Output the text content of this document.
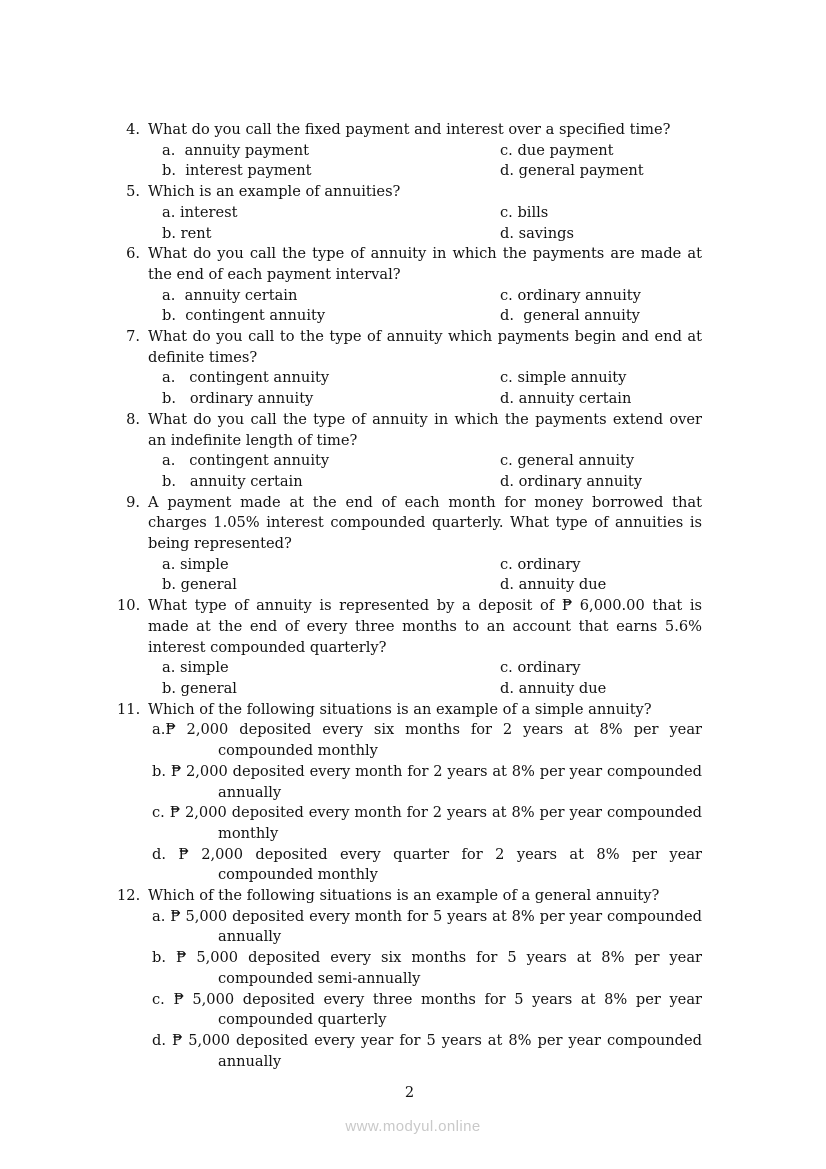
4. What do you call the fixed payment and interest over a specified time?
a.  annuity payment	c. due payment
b.  interest payment	d. general payment
5. Which is an example of annuities?
a. interest	c. bills
b. rent	d. savings
6. What do you call the type of annuity in which the payments are made at the end of each payment interval?
a.  annuity certain	c. ordinary annuity
b.  contingent annuity	d.  general annuity
7. What do you call to the type of annuity which payments begin and end at definite times?
a.   contingent annuity	c. simple annuity
b.   ordinary annuity	d. annuity certain
8. What do you call the type of annuity in which the payments extend over an indefinite length of time?
a.   contingent annuity	c. general annuity
b.   annuity certain	d. ordinary annuity
9. A payment made at the end of each month for money borrowed that charges 1.05% interest compounded quarterly. What type of annuities is being represented?
a. simple	c. ordinary
b. general	d. annuity due
10. What type of annuity is represented by a deposit of ₱ 6,000.00 that is made at the end of every three months to an account that earns 5.6% interest compounded quarterly?
a. simple	c. ordinary
b. general	d. annuity due
11. Which of the following situations is an example of a simple annuity?
a.₱ 2,000 deposited every six months for 2 years at 8% per year compounded monthly
b. ₱ 2,000 deposited every month for 2 years at 8% per year compounded annually
c. ₱ 2,000 deposited every month for 2 years at 8% per year compounded monthly
d. ₱ 2,000 deposited every quarter for 2 years at 8% per year compounded monthly
12. Which of the following situations is an example of a general annuity?
a. ₱ 5,000 deposited every month for 5 years at 8% per year compounded annually
b. ₱ 5,000 deposited every six months for 5 years at 8% per year compounded semi-annually
c. ₱ 5,000 deposited every three months for 5 years at 8% per year compounded quarterly
d. ₱ 5,000 deposited every year for 5 years at 8% per year compounded annually
2
www.modyul.online
